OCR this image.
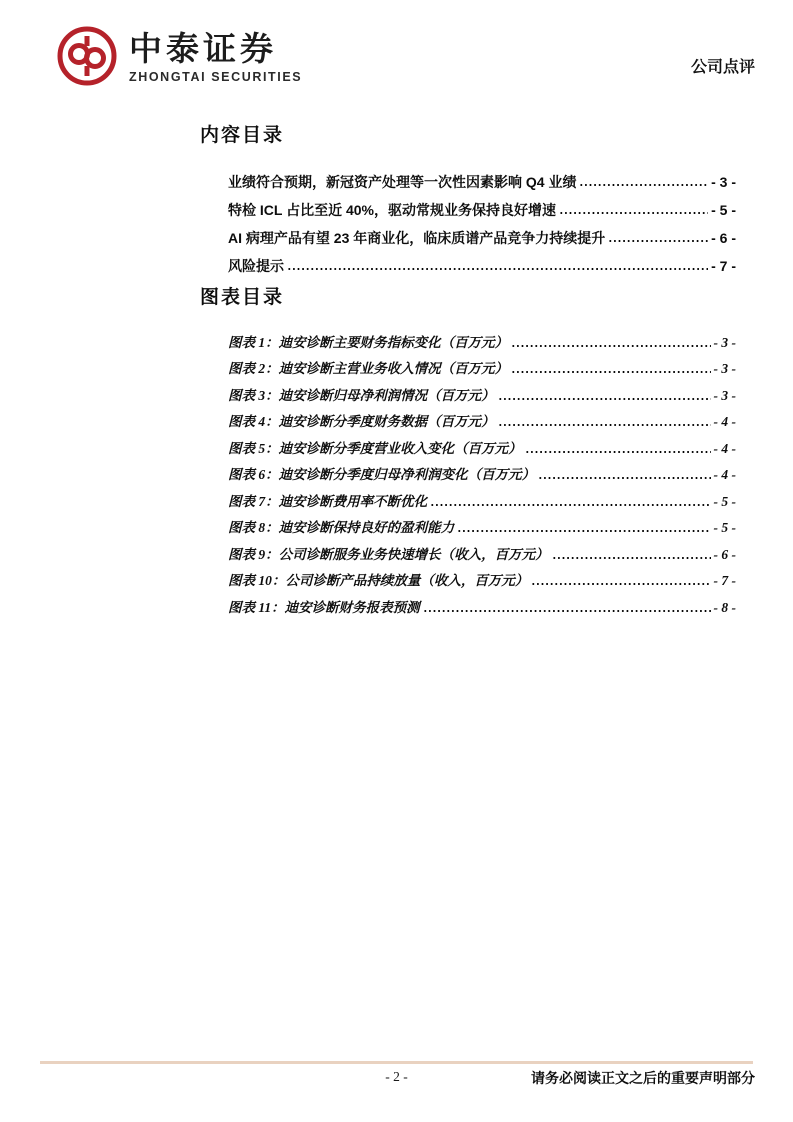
中泰证券
ZHONGTAI SECURITIES
公司点评
内容目录
业绩符合预期，新冠资产处理等一次性因素影响 Q4 业绩	- 3 -
特检 ICL 占比至近 40%，驱动常规业务保持良好增速	- 5 -
AI 病理产品有望 23 年商业化，临床质谱产品竞争力持续提升	- 6 -
风险提示	- 7 -
图表目录
图表 1：迪安诊断主要财务指标变化（百万元）	- 3 -
图表 2：迪安诊断主营业务收入情况（百万元）	- 3 -
图表 3：迪安诊断归母净利润情况（百万元）	- 3 -
图表 4：迪安诊断分季度财务数据（百万元）	- 4 -
图表 5：迪安诊断分季度营业收入变化（百万元）	- 4 -
图表 6：迪安诊断分季度归母净利润变化（百万元）	- 4 -
图表 7：迪安诊断费用率不断优化	- 5 -
图表 8：迪安诊断保持良好的盈利能力	- 5 -
图表 9：公司诊断服务业务快速增长（收入，百万元）	- 6 -
图表 10：公司诊断产品持续放量（收入，百万元）	- 7 -
图表 11：迪安诊断财务报表预测	- 8 -
- 2 -	请务必阅读正文之后的重要声明部分
